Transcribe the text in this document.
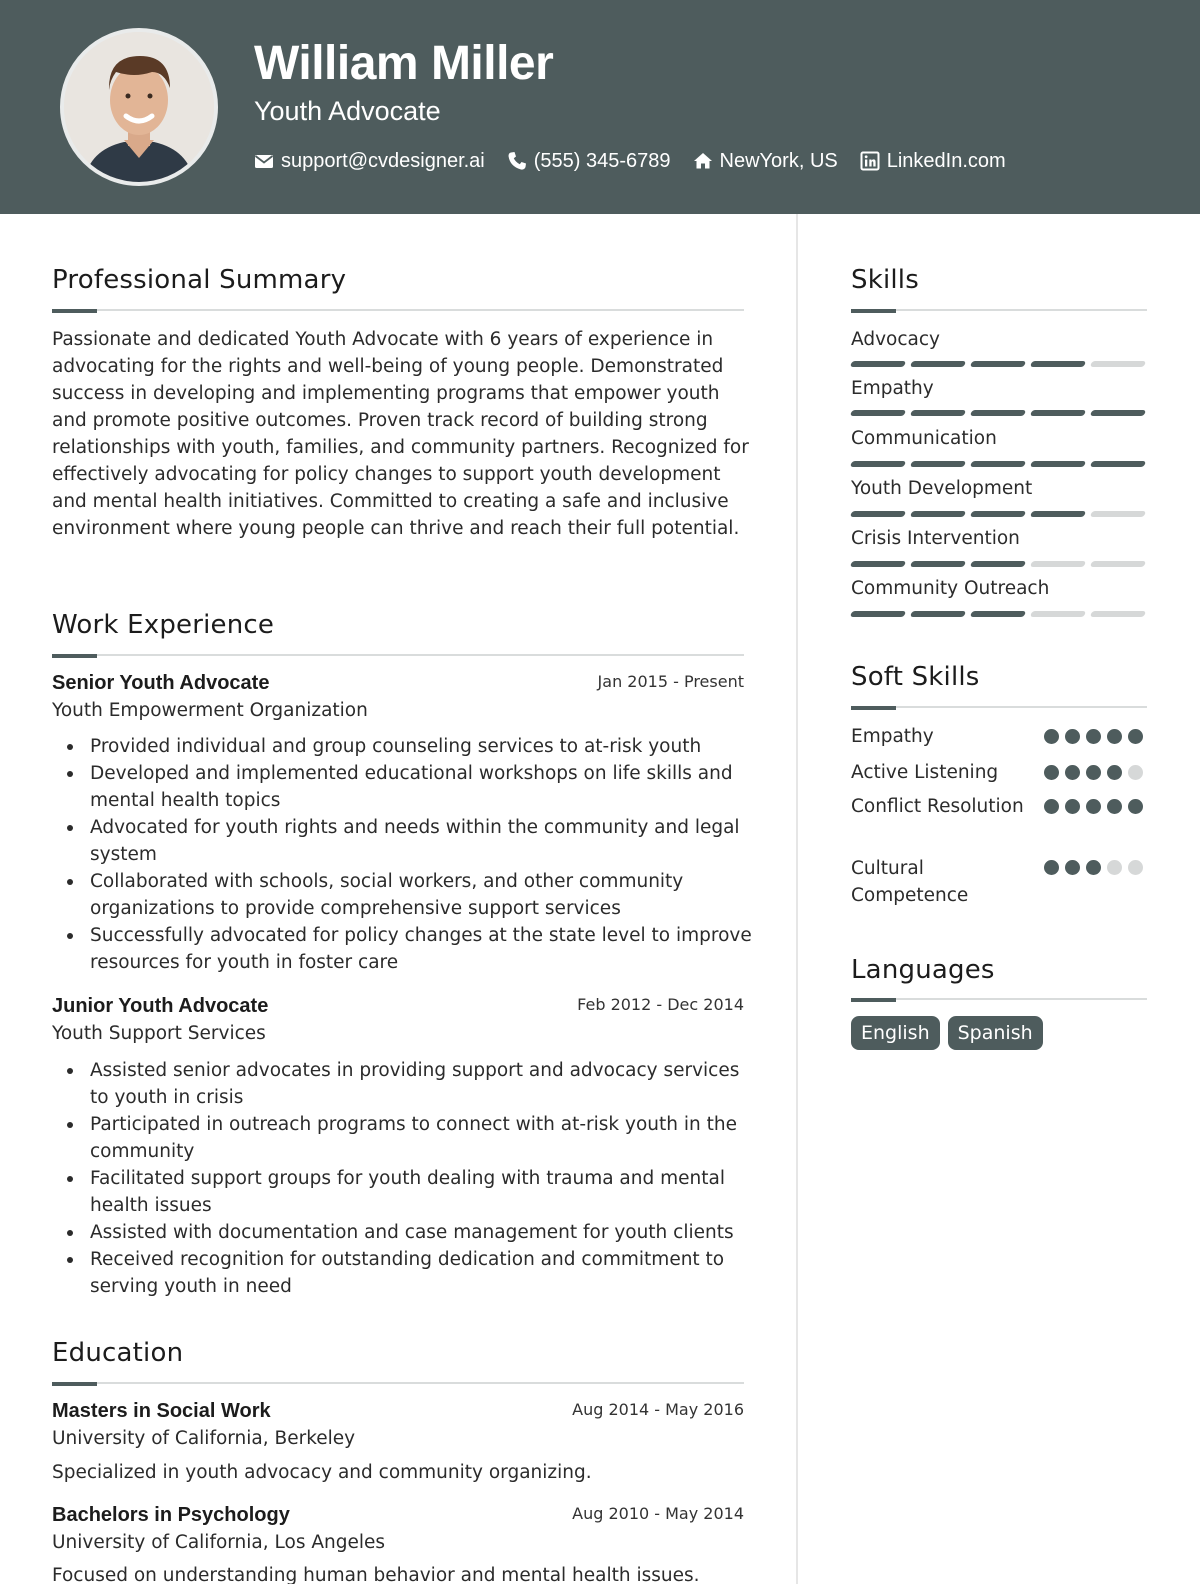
William Miller
Youth Advocate
support@cvdesigner.ai (555) 345-6789 NewYork, US LinkedIn.com
Professional Summary
Passionate and dedicated Youth Advocate with 6 years of experience in advocating for the rights and well-being of young people. Demonstrated success in developing and implementing programs that empower youth and promote positive outcomes. Proven track record of building strong relationships with youth, families, and community partners. Recognized for effectively advocating for policy changes to support youth development and mental health initiatives. Committed to creating a safe and inclusive environment where young people can thrive and reach their full potential.
Work Experience
Senior Youth Advocate	Jan 2015 - Present
Youth Empowerment Organization
Provided individual and group counseling services to at-risk youth
Developed and implemented educational workshops on life skills and mental health topics
Advocated for youth rights and needs within the community and legal system
Collaborated with schools, social workers, and other community organizations to provide comprehensive support services
Successfully advocated for policy changes at the state level to improve resources for youth in foster care
Junior Youth Advocate	Feb 2012 - Dec 2014
Youth Support Services
Assisted senior advocates in providing support and advocacy services to youth in crisis
Participated in outreach programs to connect with at-risk youth in the community
Facilitated support groups for youth dealing with trauma and mental health issues
Assisted with documentation and case management for youth clients
Received recognition for outstanding dedication and commitment to serving youth in need
Education
Masters in Social Work	Aug 2014 - May 2016
University of California, Berkeley
Specialized in youth advocacy and community organizing.
Bachelors in Psychology	Aug 2010 - May 2014
University of California, Los Angeles
Focused on understanding human behavior and mental health issues.
Skills
Advocacy
Empathy
Communication
Youth Development
Crisis Intervention
Community Outreach
Soft Skills
Empathy
Active Listening
Conflict Resolution
Cultural Competence
Languages
English	Spanish
